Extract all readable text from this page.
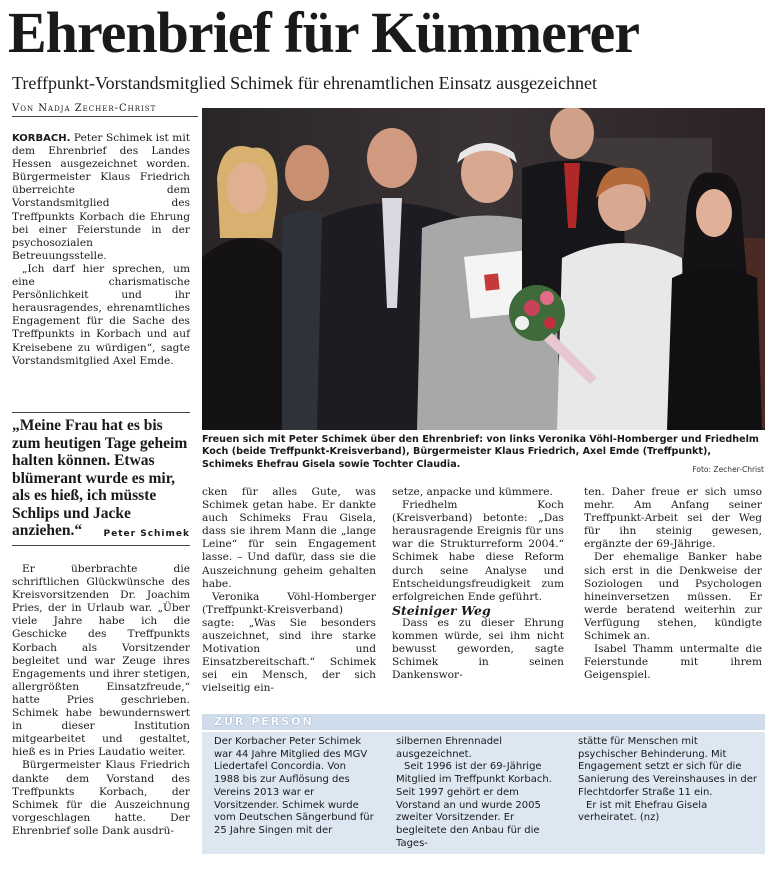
Ehrenbrief für Kümmerer
Treffpunkt-Vorstandsmitglied Schimek für ehrenamtlichen Einsatz ausgezeichnet
Von Nadja Zecher-Christ

KORBACH. Peter Schimek ist mit dem Ehrenbrief des Landes Hessen ausgezeichnet worden. Bürgermeister Klaus Friedrich überreichte dem Vorstandsmitglied des Treffpunkts Korbach die Ehrung bei einer Feierstunde in der psychosozialen Betreuungsstelle.

„Ich darf hier sprechen, um eine charismatische Persönlichkeit und ihr herausragendes, ehrenamtliches Engagement für die Sache des Treffpunkts in Korbach und auf Kreisebene zu würdigen“, sagte Vorstandsmitglied Axel Emde.

„Meine Frau hat es bis zum heutigen Tage geheim halten können. Etwas blümerant wurde es mir, als es hieß, ich müsste Schlips und Jacke anziehen.“	Peter Schimek

Er überbrachte die schriftlichen Glückwünsche des Kreisvorsitzenden Dr. Joachim Pries, der in Urlaub war. „Über viele Jahre habe ich die Geschicke des Treffpunkts Korbach als Vorsitzender begleitet und war Zeuge ihres Engagements und ihrer stetigen, allergrößten Einsatzfreude,“ hatte Pries geschrieben. Schimek habe bewundernswert in dieser Institution mitgearbeitet und gestaltet, hieß es in Pries Laudatio weiter.

Bürgermeister Klaus Friedrich dankte dem Vorstand des Treffpunkts Korbach, der Schimek für die Auszeichnung vorgeschlagen hatte. Der Ehrenbrief solle Dank ausdrü-

Freuen sich mit Peter Schimek über den Ehrenbrief: von links Veronika Vöhl-Homberger und Friedhelm Koch (beide Treffpunkt-Kreisverband), Bürgermeister Klaus Friedrich, Axel Emde (Treffpunkt), Schimeks Ehefrau Gisela sowie Tochter Claudia.	Foto: Zecher-Christ

cken für alles Gute, was Schimek getan habe. Er dankte auch Schimeks Frau Gisela, dass sie ihrem Mann die „lange Leine“ für sein Engagement lasse. – Und dafür, dass sie die Auszeichnung geheim gehalten habe.

Veronika Vöhl-Homberger (Treffpunkt-Kreisverband) sagte: „Was Sie besonders auszeichnet, sind ihre starke Motivation und Einsatzbereitschaft.“ Schimek sei ein Mensch, der sich vielseitig ein-

setze, anpacke und kümmere.

Friedhelm Koch (Kreisverband) betonte: „Das herausragende Ereignis für uns war die Strukturreform 2004.“ Schimek habe diese Reform durch seine Analyse und Entscheidungsfreudigkeit zum erfolgreichen Ende geführt.

Steiniger Weg

Dass es zu dieser Ehrung kommen würde, sei ihm nicht bewusst geworden, sagte Schimek in seinen Dankenswor-

ten. Daher freue er sich umso mehr. Am Anfang seiner Treffpunkt-Arbeit sei der Weg für ihn steinig gewesen, ergänzte der 69-Jährige.

Der ehemalige Banker habe sich erst in die Denkweise der Soziologen und Psychologen hineinversetzen müssen. Er werde beratend weiterhin zur Verfügung stehen, kündigte Schimek an.

Isabel Thamm untermalte die Feierstunde mit ihrem Geigenspiel.

ZUR PERSON

Der Korbacher Peter Schimek war 44 Jahre Mitglied des MGV Liedertafel Concordia. Von 1988 bis zur Auflösung des Vereins 2013 war er Vorsitzender. Schimek wurde vom Deutschen Sängerbund für 25 Jahre Singen mit der

silbernen Ehrennadel ausgezeichnet.

Seit 1996 ist der 69-Jährige Mitglied im Treffpunkt Korbach. Seit 1997 gehört er dem Vorstand an und wurde 2005 zweiter Vorsitzender. Er begleitete den Anbau für die Tages-

stätte für Menschen mit psychischer Behinderung. Mit Engagement setzt er sich für die Sanierung des Vereinshauses in der Flechtdorfer Straße 11 ein.

Er ist mit Ehefrau Gisela verheiratet. (nz)
